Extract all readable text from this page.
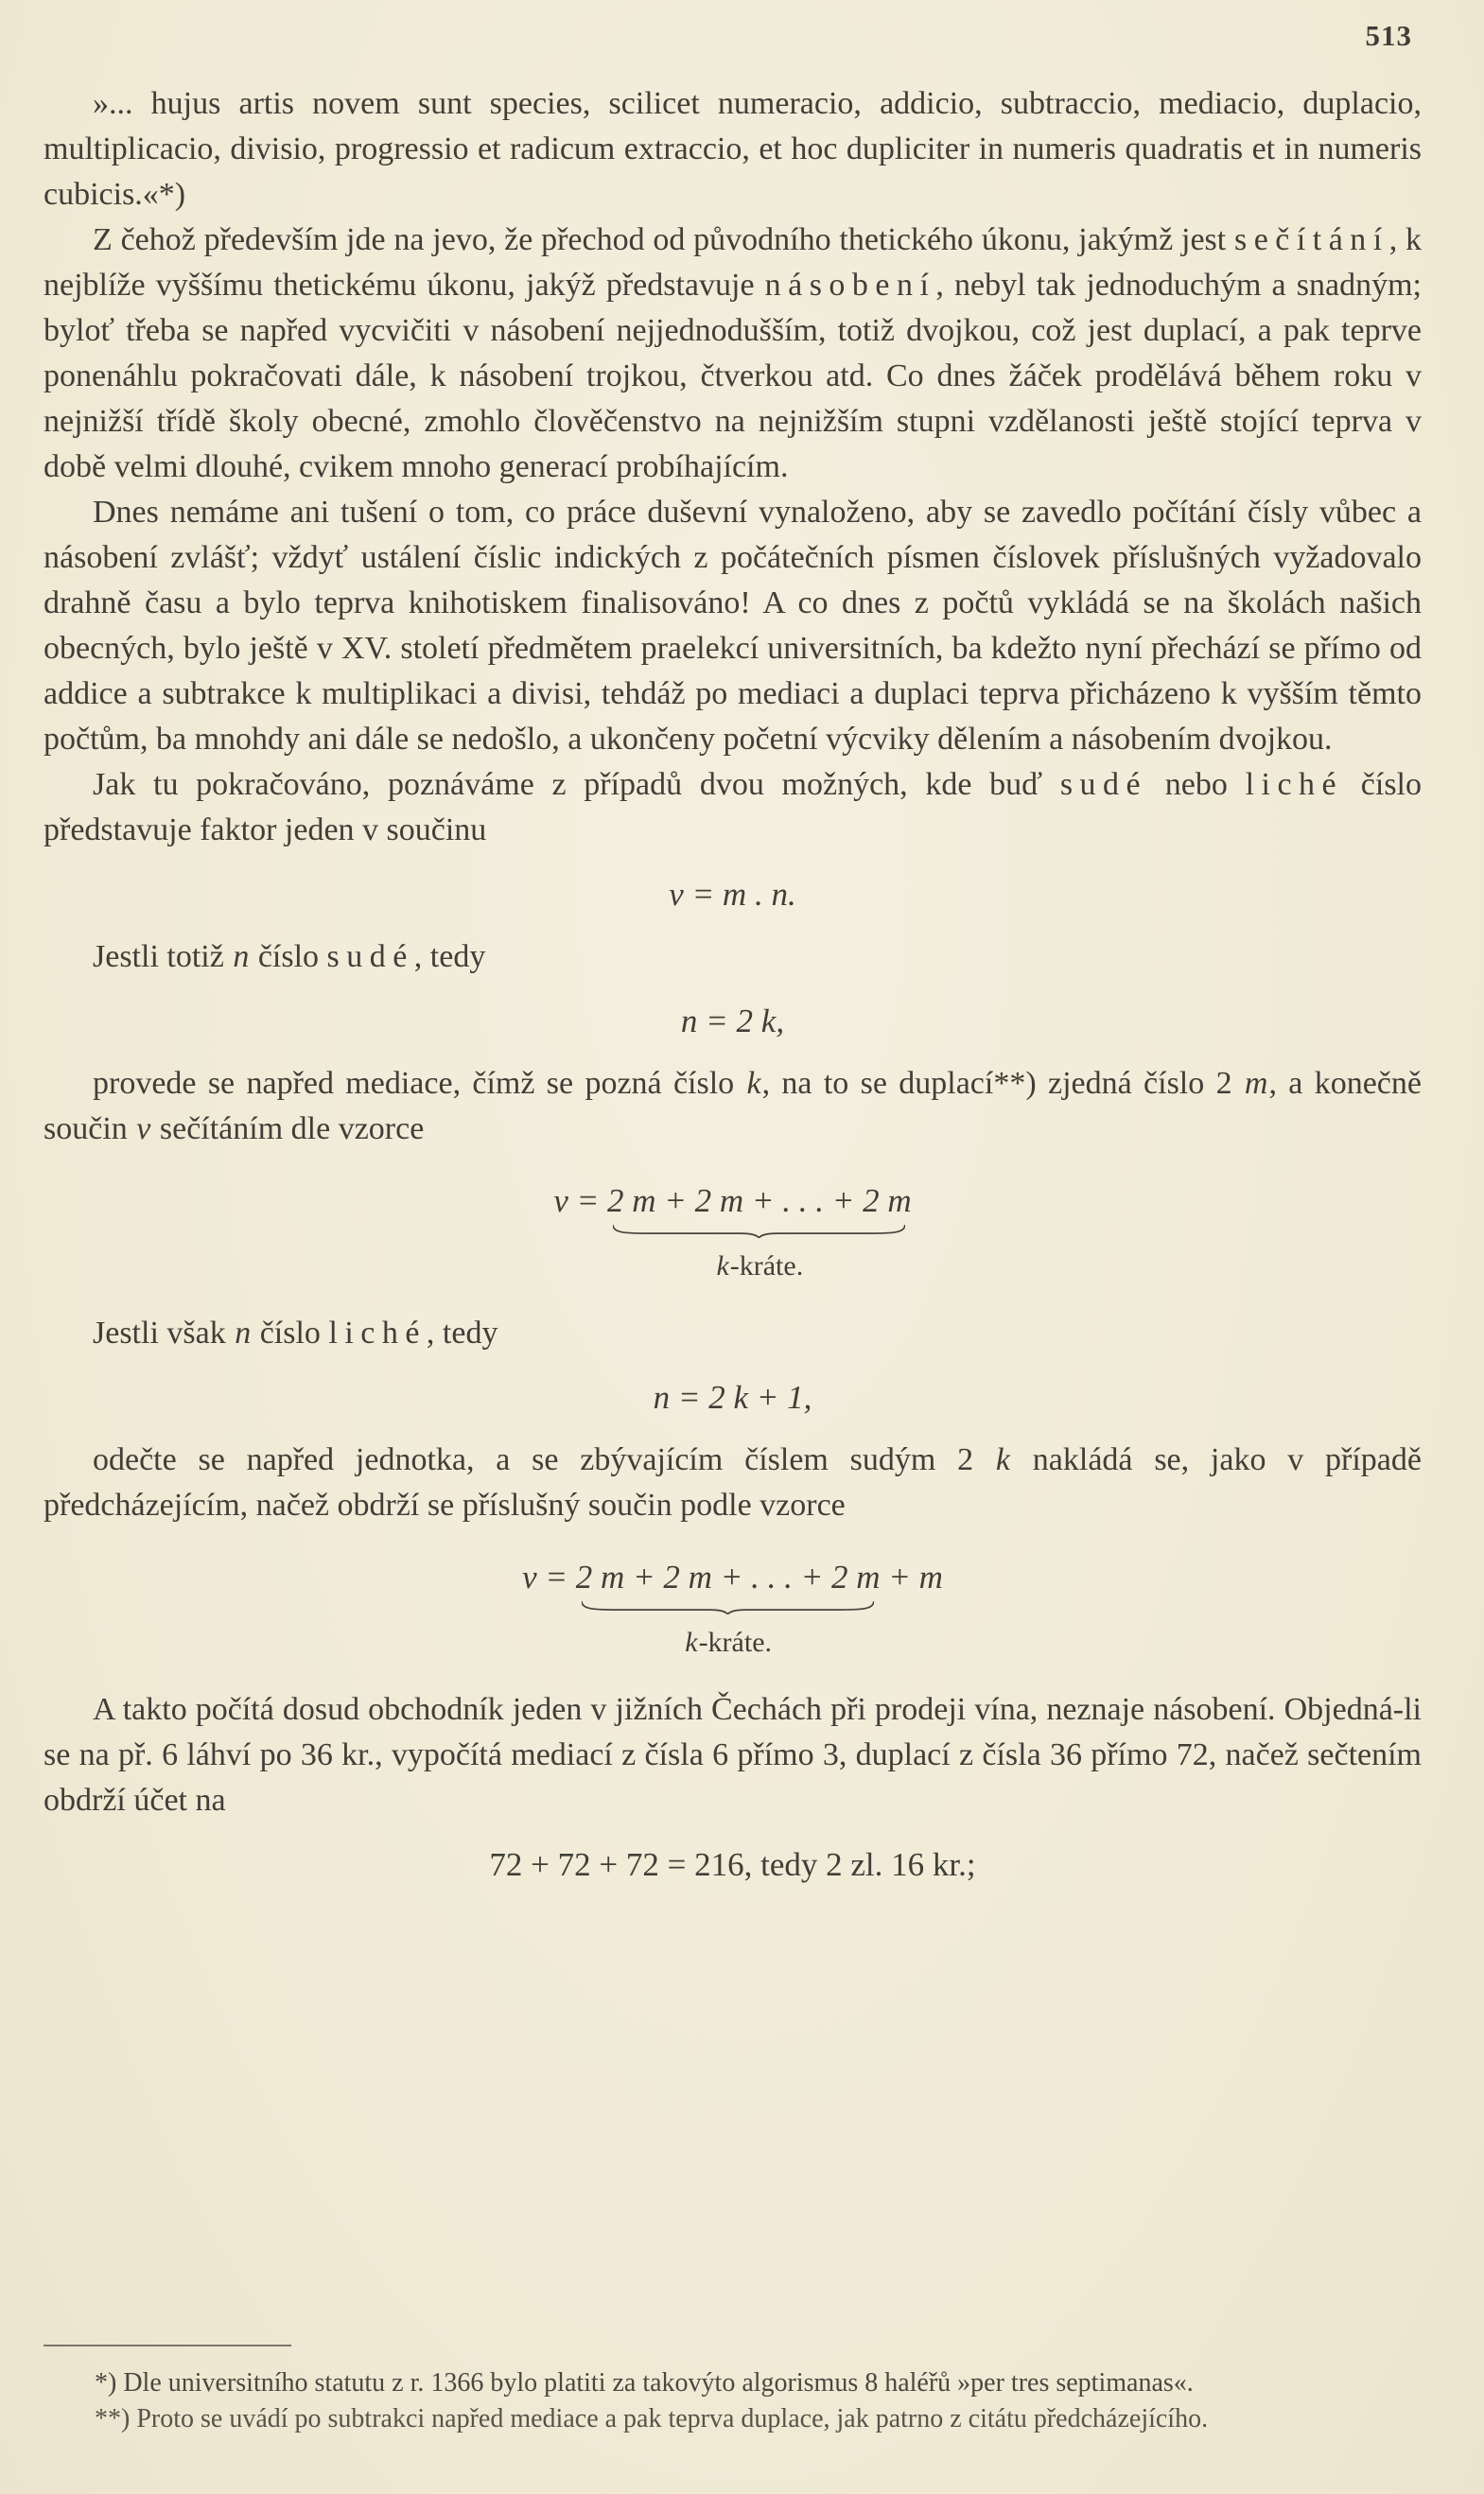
513

»... hujus artis novem sunt species, scilicet numeracio, addicio, subtraccio, mediacio, duplacio, multiplicacio, divisio, progressio et radicum extraccio, et hoc dupliciter in numeris quadratis et in numeris cubicis.«*)

Z čehož především jde na jevo, že přechod od původního thetického úkonu, jakýmž jest sečítání, k nejblíže vyššímu thetickému úkonu, jakýž představuje násobení, nebyl tak jednoduchým a snadným; byloť třeba se napřed vycvičiti v násobení nejjednodušším, totiž dvojkou, což jest duplací, a pak teprve ponenáhlu pokračovati dále, k násobení trojkou, čtverkou atd. Co dnes žáček prodělává během roku v nejnižší třídě školy obecné, zmohlo člověčenstvo na nejnižším stupni vzdělanosti ještě stojící teprva v době velmi dlouhé, cvikem mnoho generací probíhajícím.

Dnes nemáme ani tušení o tom, co práce duševní vynaloženo, aby se zavedlo počítání čísly vůbec a násobení zvlášť; vždyť ustálení číslic indických z počátečních písmen číslovek příslušných vyžadovalo drahně času a bylo teprva knihotiskem finalisováno! A co dnes z počtů vykládá se na školách našich obecných, bylo ještě v XV. století předmětem praelekcí universitních, ba kdežto nyní přechází se přímo od addice a subtrakce k multiplikaci a divisi, tehdáž po mediaci a duplaci teprva přicházeno k vyšším těmto počtům, ba mnohdy ani dále se nedošlo, a ukončeny početní výcviky dělením a násobením dvojkou.

Jak tu pokračováno, poznáváme z případů dvou možných, kde buď sudé nebo liché číslo představuje faktor jeden v součinu

v = m . n.

Jestli totiž n číslo sudé, tedy

n = 2 k,

provede se napřed mediace, čímž se pozná číslo k, na to se duplací**) zjedná číslo 2 m, a konečně součin v sečítáním dle vzorce

v = 2 m + 2 m + . . . + 2 m
k-kráte.

Jestli však n číslo liché, tedy

n = 2 k + 1,

odečte se napřed jednotka, a se zbývajícím číslem sudým 2 k nakládá se, jako v případě předcházejícím, načež obdrží se příslušný součin podle vzorce

v = 2 m + 2 m + . . . + 2 m
k-kráte.
+ m

A takto počítá dosud obchodník jeden v jižních Čechách při prodeji vína, neznaje násobení. Objedná-li se na př. 6 láhví po 36 kr., vypočítá mediací z čísla 6 přímo 3, duplací z čísla 36 přímo 72, načež sečtením obdrží účet na

72 + 72 + 72 = 216, tedy 2 zl. 16 kr.;

*) Dle universitního statutu z r. 1366 bylo platiti za takovýto algorismus 8 haléřů »per tres septimanas«.

**) Proto se uvádí po subtrakci napřed mediace a pak teprva duplace, jak patrno z citátu předcházejícího.
